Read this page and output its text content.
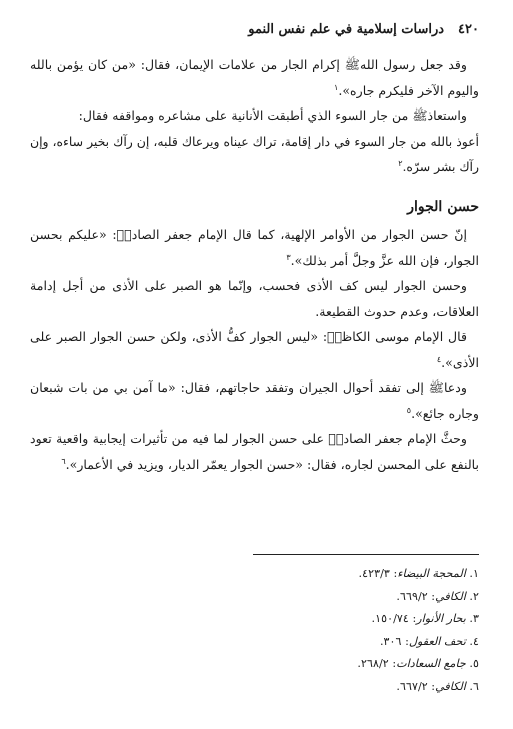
٤٢٠
دراسات إسلامية في علم نفس النمو

وقد جعل رسول اللهﷺ إكرام الجار من علامات الإيمان، فقال: «من كان يؤمن بالله واليوم الآخر فليكرم جاره».$^١$

واستعاذﷺ من جار السوء الذي أطبقت الأنانية على مشاعره ومواقفه فقال:

أعوذ بالله من جار السوء في دار إقامة، تراك عيناه ويرعاك قلبه، إن رآك بخير ساءه، وإن رآك بشر سرّه.$^٢$

حسن الجوار

إنّ حسن الجوار من الأوامر الإلهية، كما قال الإمام جعفر الصادقؑ: «عليكم بحسن الجوار، فإن الله عزَّ وجلَّ أمر بذلك».$^٣$

وحسن الجوار ليس كف الأذى فحسب، وإنّما هو الصبر على الأذى من أجل إدامة العلاقات، وعدم حدوث القطيعة.

قال الإمام موسى الكاظمؑ: «ليس الجوار كفُّ الأذى، ولكن حسن الجوار الصبر على الأذى».$^٤$

ودعاﷺ إلى تفقد أحوال الجيران وتفقد حاجاتهم، فقال: «ما آمن بي من بات شبعان وجاره جائع».$^٥$

وحثَّ الإمام جعفر الصادقؑ على حسن الجوار لما فيه من تأثيرات إيجابية واقعية تعود بالنفع على المحسن لجاره، فقال: «حسن الجوار يعمّر الديار، ويزيد في الأعمار».$^٦$

١. المحجة البيضاء: ٤٢٣/٣.

٢. الكافي: ٦٦٩/٢.

٣. بحار الأنوار: ١٥٠/٧٤.

٤. تحف العقول: ٣٠٦.

٥. جامع السعادات: ٢٦٨/٢.

٦. الكافي: ٦٦٧/٢.
